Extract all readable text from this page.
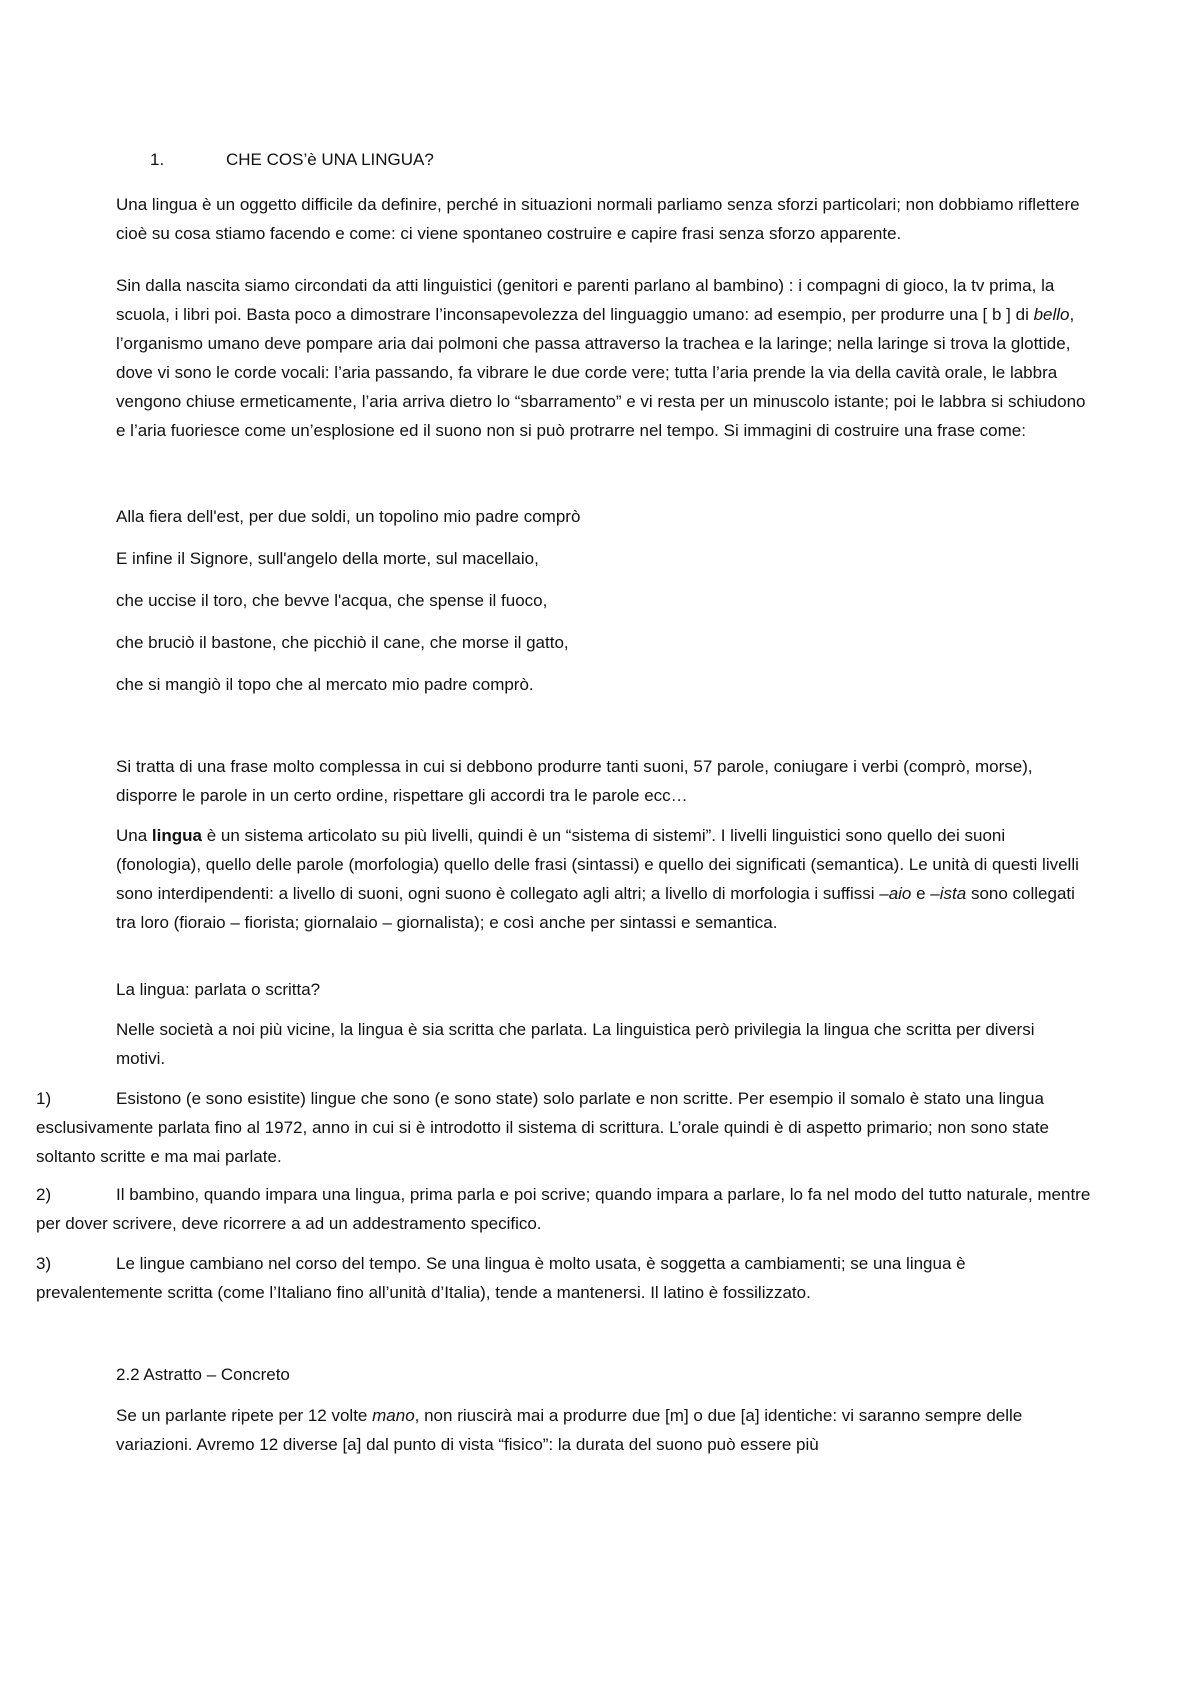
1.	CHE COS’è UNA LINGUA?

Una lingua è un oggetto difficile da definire, perché in situazioni normali parliamo senza sforzi particolari; non dobbiamo riflettere cioè su cosa stiamo facendo e come: ci viene spontaneo costruire e capire frasi senza sforzo apparente.

Sin dalla nascita siamo circondati da atti linguistici (genitori e parenti parlano al bambino) : i compagni di gioco, la tv prima, la scuola, i libri poi. Basta poco a dimostrare l’inconsapevolezza del linguaggio umano: ad esempio, per produrre una [ b ] di bello, l’organismo umano deve pompare aria dai polmoni che passa attraverso la trachea e la laringe; nella laringe si trova la glottide, dove vi sono le corde vocali: l’aria passando, fa vibrare le due corde vere; tutta l’aria prende la via della cavità orale, le labbra vengono chiuse ermeticamente, l’aria arriva dietro lo “sbarramento” e vi resta per un minuscolo istante; poi le labbra si schiudono e l’aria fuoriesce come un’esplosione ed il suono non si può protrarre nel tempo. Si immagini di costruire una frase come:

Alla fiera dell'est, per due soldi, un topolino mio padre comprò

E infine il Signore, sull'angelo della morte, sul macellaio,

che uccise il toro, che bevve l'acqua, che spense il fuoco,

che bruciò il bastone, che picchiò il cane, che morse il gatto,

che si mangiò il topo che al mercato mio padre comprò.

Si tratta di una frase molto complessa in cui si debbono produrre tanti suoni, 57 parole, coniugare i verbi (comprò, morse), disporre le parole in un certo ordine, rispettare gli accordi tra le parole ecc…

Una lingua è un sistema articolato su più livelli, quindi è un “sistema di sistemi”. I livelli linguistici sono quello dei suoni (fonologia), quello delle parole (morfologia) quello delle frasi (sintassi) e quello dei significati (semantica). Le unità di questi livelli sono interdipendenti: a livello di suoni, ogni suono è collegato agli altri; a livello di morfologia i suffissi –aio e –ista sono collegati tra loro (fioraio – fiorista; giornalaio – giornalista); e così anche per sintassi e semantica.

La lingua: parlata o scritta?

Nelle società a noi più vicine, la lingua è sia scritta che parlata. La linguistica però privilegia la lingua che scritta per diversi motivi.

1)	Esistono (e sono esistite) lingue che sono (e sono state) solo parlate e non scritte. Per esempio il somalo è stato una lingua esclusivamente parlata fino al 1972, anno in cui si è introdotto il sistema di scrittura. L’orale quindi è di aspetto primario; non sono state soltanto scritte e ma mai parlate.

2)	Il bambino, quando impara una lingua, prima parla e poi scrive; quando impara a parlare, lo fa nel modo del tutto naturale, mentre per dover scrivere, deve ricorrere a ad un addestramento specifico.

3)	Le lingue cambiano nel corso del tempo. Se una lingua è molto usata, è soggetta a cambiamenti; se una lingua è prevalentemente scritta (come l’Italiano fino all’unità d’Italia), tende a mantenersi. Il latino è fossilizzato.

2.2 Astratto – Concreto

Se un parlante ripete per 12 volte mano, non riuscirà mai a produrre due [m] o due [a] identiche: vi saranno sempre delle variazioni. Avremo 12 diverse [a] dal punto di vista “fisico”: la durata del suono può essere più
